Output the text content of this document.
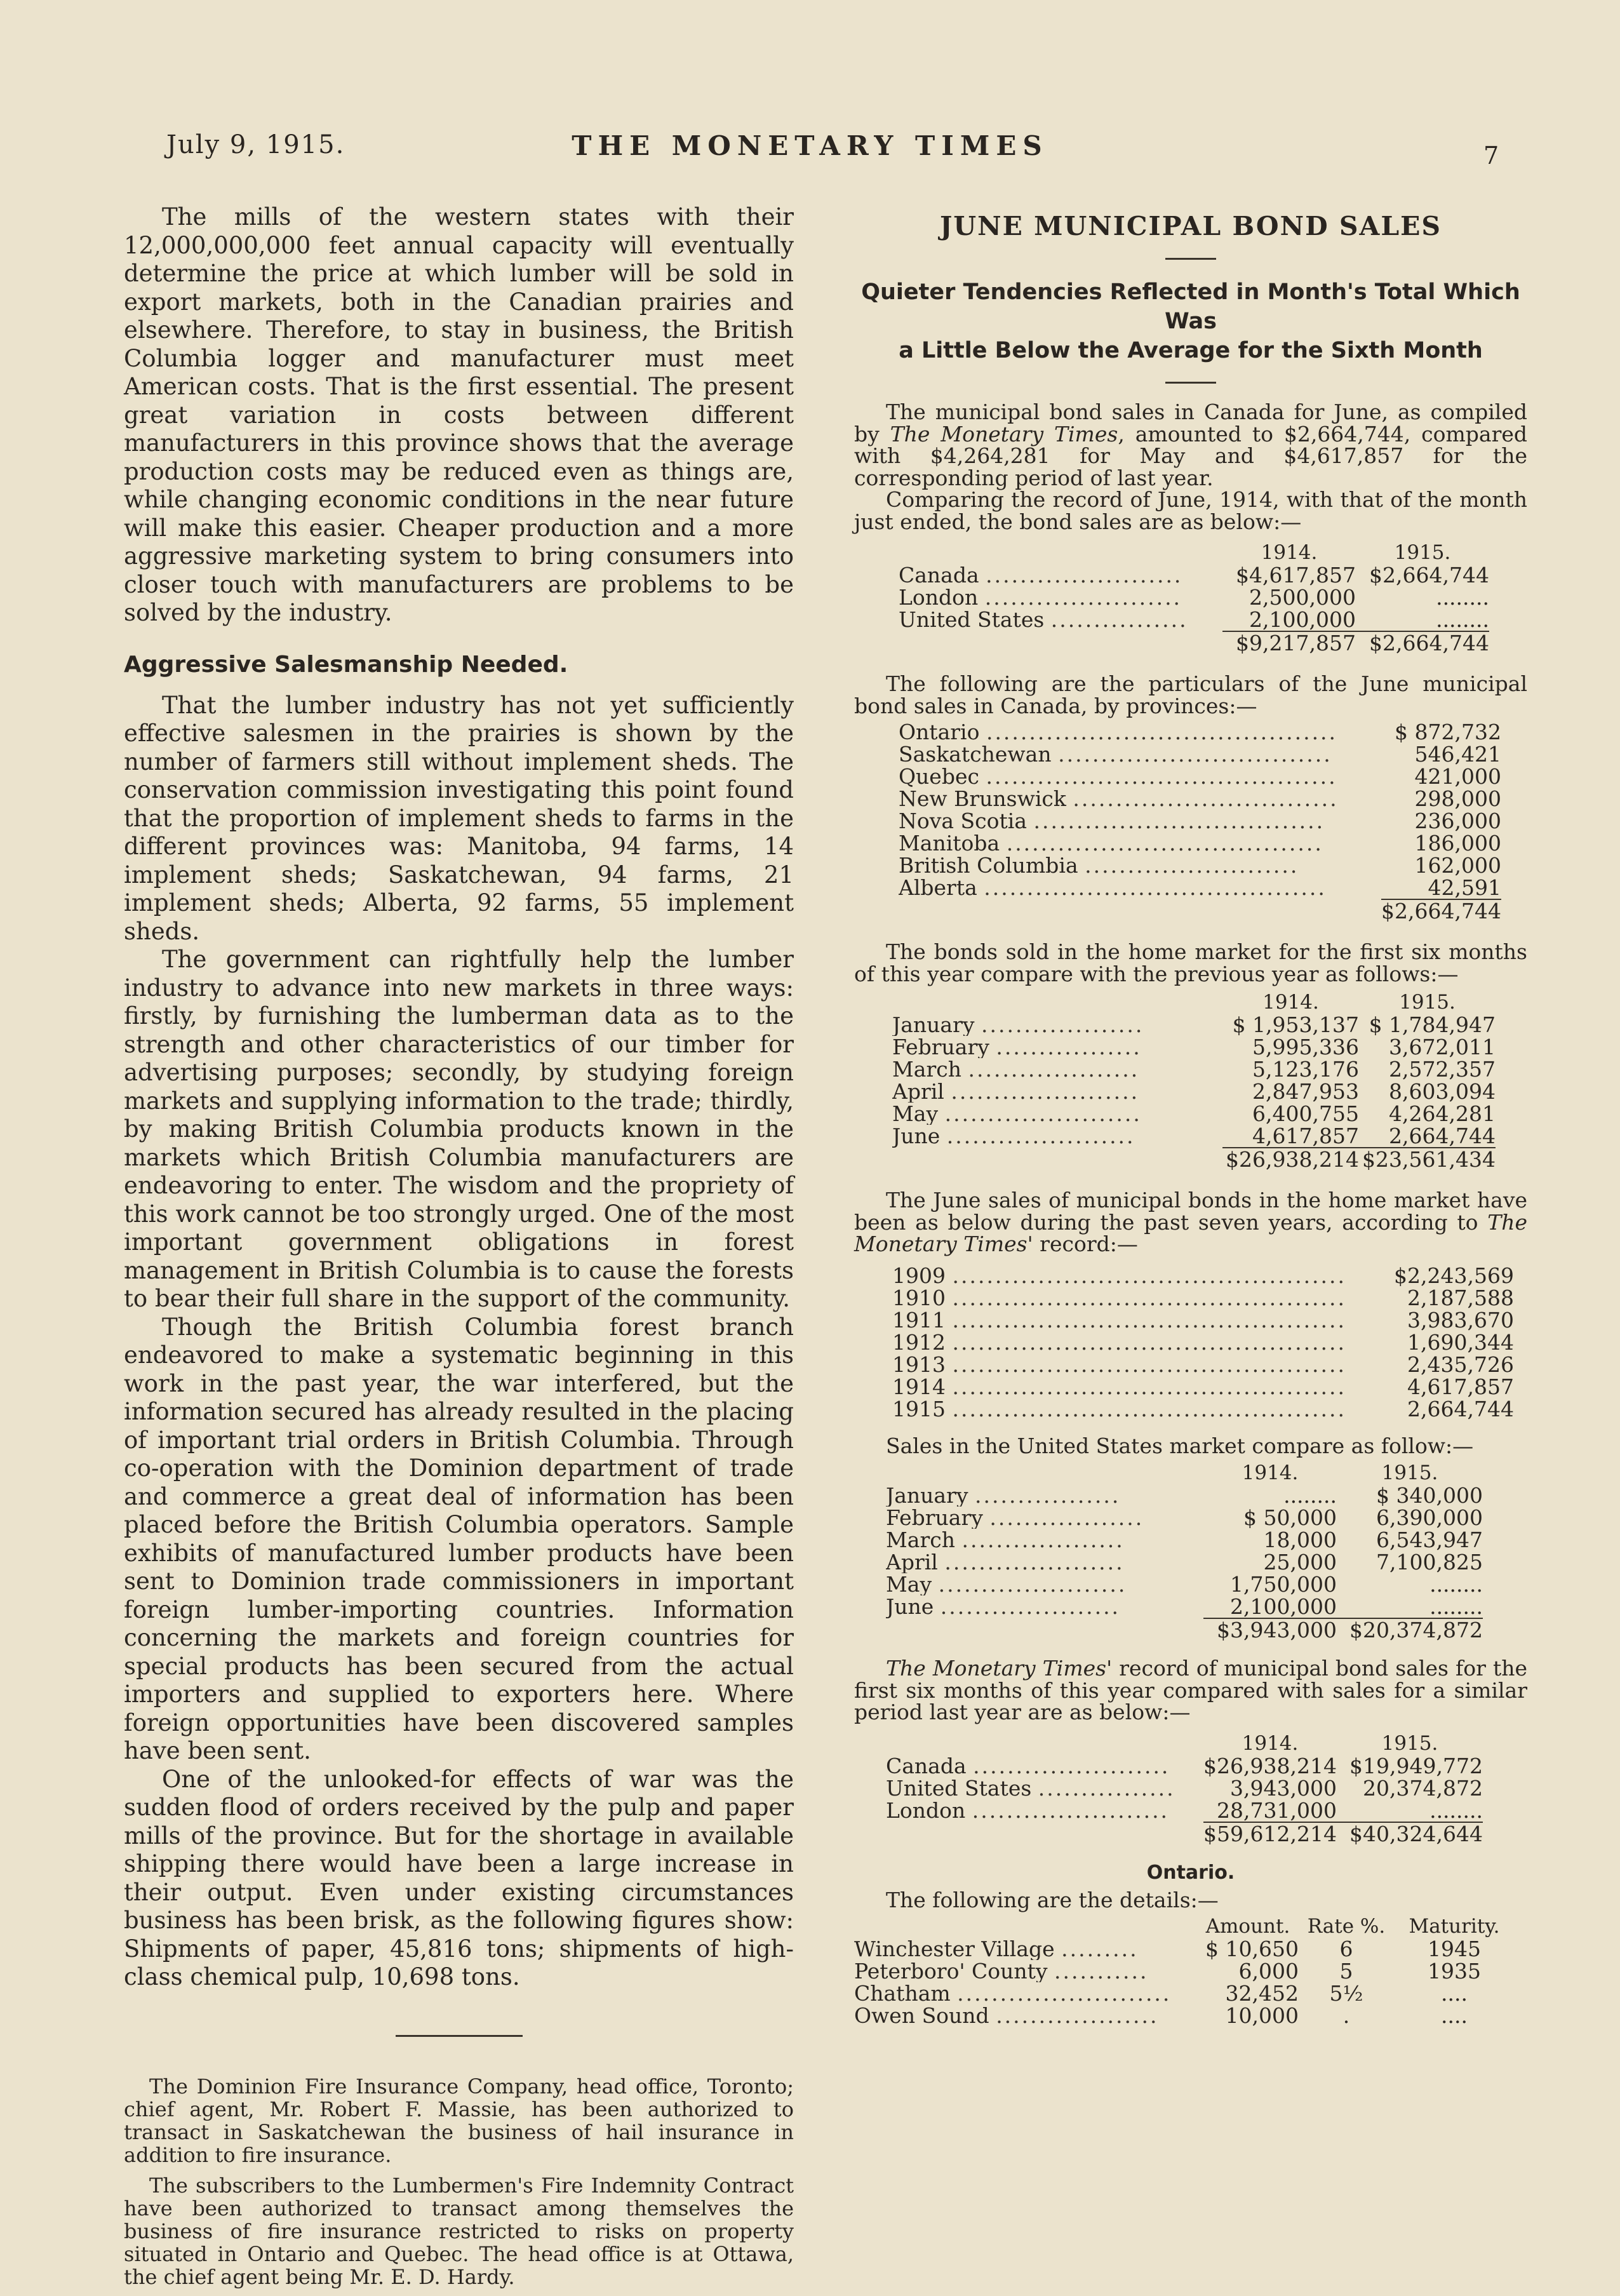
July 9, 1915.	THE MONETARY TIMES	7

The mills of the western states with their 12,000,000,000 feet annual capacity will eventually determine the price at which lumber will be sold in export markets, both in the Canadian prairies and elsewhere. Therefore, to stay in business, the British Columbia logger and manufacturer must meet American costs. That is the first essential. The present great variation in costs between different manufacturers in this province shows that the average production costs may be reduced even as things are, while changing economic conditions in the near future will make this easier. Cheaper production and a more aggressive marketing system to bring consumers into closer touch with manufacturers are problems to be solved by the industry.

Aggressive Salesmanship Needed.

That the lumber industry has not yet sufficiently effective salesmen in the prairies is shown by the number of farmers still without implement sheds. The conservation commission investigating this point found that the proportion of implement sheds to farms in the different provinces was: Manitoba, 94 farms, 14 implement sheds; Saskatchewan, 94 farms, 21 implement sheds; Alberta, 92 farms, 55 implement sheds.

The government can rightfully help the lumber industry to advance into new markets in three ways: firstly, by furnishing the lumberman data as to the strength and other characteristics of our timber for advertising purposes; secondly, by studying foreign markets and supplying information to the trade; thirdly, by making British Columbia products known in the markets which British Columbia manufacturers are endeavoring to enter. The wisdom and the propriety of this work cannot be too strongly urged. One of the most important government obligations in forest management in British Columbia is to cause the forests to bear their full share in the support of the community.

Though the British Columbia forest branch endeavored to make a systematic beginning in this work in the past year, the war interfered, but the information secured has already resulted in the placing of important trial orders in British Columbia. Through co-operation with the Dominion department of trade and commerce a great deal of information has been placed before the British Columbia operators. Sample exhibits of manufactured lumber products have been sent to Dominion trade commissioners in important foreign lumber-importing countries. Information concerning the markets and foreign countries for special products has been secured from the actual importers and supplied to exporters here. Where foreign opportunities have been discovered samples have been sent.

One of the unlooked-for effects of war was the sudden flood of orders received by the pulp and paper mills of the province. But for the shortage in available shipping there would have been a large increase in their output. Even under existing circumstances business has been brisk, as the following figures show: Shipments of paper, 45,816 tons; shipments of high-class chemical pulp, 10,698 tons.

The Dominion Fire Insurance Company, head office, Toronto; chief agent, Mr. Robert F. Massie, has been authorized to transact in Saskatchewan the business of hail insurance in addition to fire insurance.

The subscribers to the Lumbermen's Fire Indemnity Contract have been authorized to transact among themselves the business of fire insurance restricted to risks on property situated in Ontario and Quebec. The head office is at Ottawa, the chief agent being Mr. E. D. Hardy.

JUNE MUNICIPAL BOND SALES
Quieter Tendencies Reflected in Month's Total Which Was
a Little Below the Average for the Sixth Month

The municipal bond sales in Canada for June, as compiled by The Monetary Times, amounted to $2,664,744, compared with $4,264,281 for May and $4,617,857 for the corresponding period of last year.

Comparing the record of June, 1914, with that of the month just ended, the bond sales are as below:—

	1914.	1915.
Canada .......................	$4,617,857	$2,664,744
London .......................	2,500,000	........
United States ................	2,100,000	........
	$9,217,857	$2,664,744

The following are the particulars of the June municipal bond sales in Canada, by provinces:—

Ontario .........................................	$ 872,732
Saskatchewan ................................	546,421
Quebec .........................................	421,000
New Brunswick ...............................	298,000
Nova Scotia ..................................	236,000
Manitoba .....................................	186,000
British Columbia .........................	162,000
Alberta ........................................	42,591
	$2,664,744

The bonds sold in the home market for the first six months of this year compare with the previous year as follows:—

	1914.	1915.
January ...................	$ 1,953,137	$ 1,784,947
February .................	5,995,336	3,672,011
March ....................	5,123,176	2,572,357
April ......................	2,847,953	8,603,094
May .......................	6,400,755	4,264,281
June ......................	4,617,857	2,664,744
	$26,938,214	$23,561,434

The June sales of municipal bonds in the home market have been as below during the past seven years, according to The Monetary Times' record:—

1909 ..............................................	$2,243,569
1910 ..............................................	2,187,588
1911 ..............................................	3,983,670
1912 ..............................................	1,690,344
1913 ..............................................	2,435,726
1914 ..............................................	4,617,857
1915 ..............................................	2,664,744

Sales in the United States market compare as follow:—

	1914.	1915.
January .................	........	$ 340,000
February ..................	$ 50,000	6,390,000
March ...................	18,000	6,543,947
April .....................	25,000	7,100,825
May ......................	1,750,000	........
June .....................	2,100,000	........
	$3,943,000	$20,374,872

The Monetary Times' record of municipal bond sales for the first six months of this year compared with sales for a similar period last year are as below:—

	1914.	1915.
Canada .......................	$26,938,214	$19,949,772
United States ................	3,943,000	20,374,872
London .......................	28,731,000	........
	$59,612,214	$40,324,644
Ontario.

The following are the details:—

	Amount.	Rate %.	Maturity.
Winchester Village .........	$ 10,650	6	1945
Peterboro' County ...........	6,000	5	1935
Chatham .........................	32,452	5½	....
Owen Sound ...................	10,000	.	....
